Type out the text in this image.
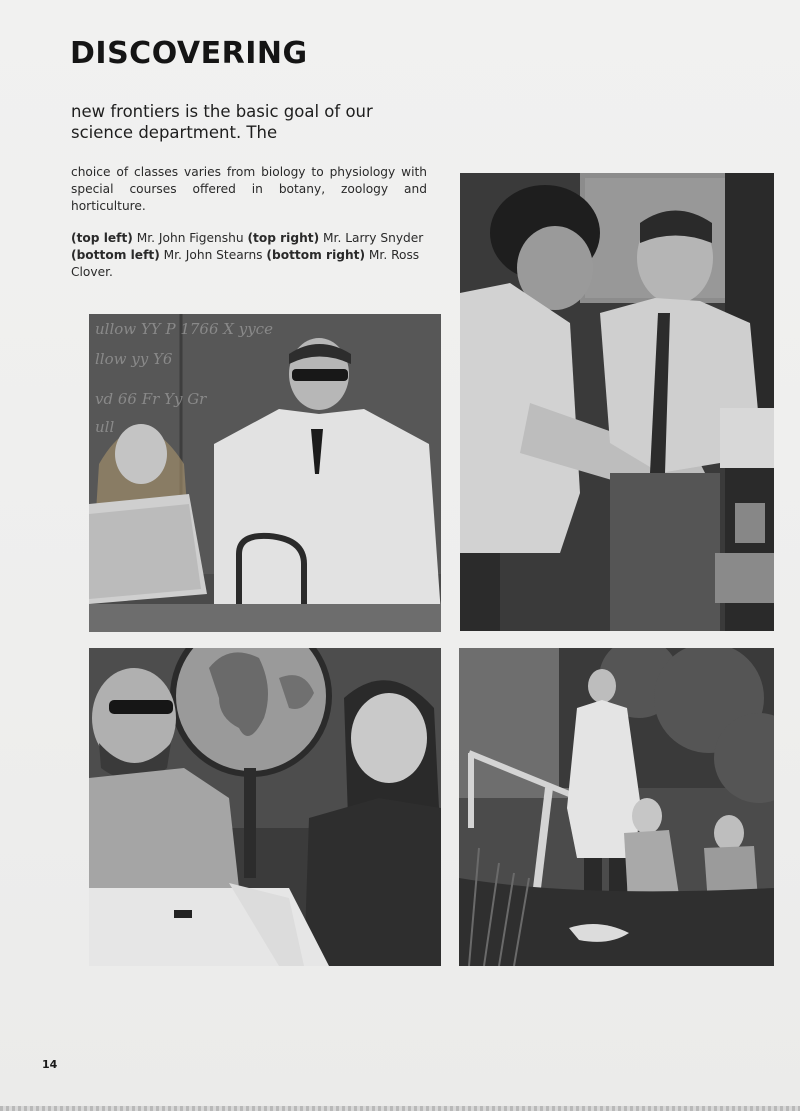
DISCOVERING

new frontiers is the basic goal of our
science department. The

choice of classes varies from biology to physiology with special courses offered in botany, zoology and horticulture.

(top left) Mr. John Figenshu (top right) Mr. Larry Snyder (bottom left) Mr. John Stearns (bottom right) Mr. Ross Clover.

ullow YY P 1766 X yyce
llow yy Y6
vd 66 Fr Yy Gr
ull
14
